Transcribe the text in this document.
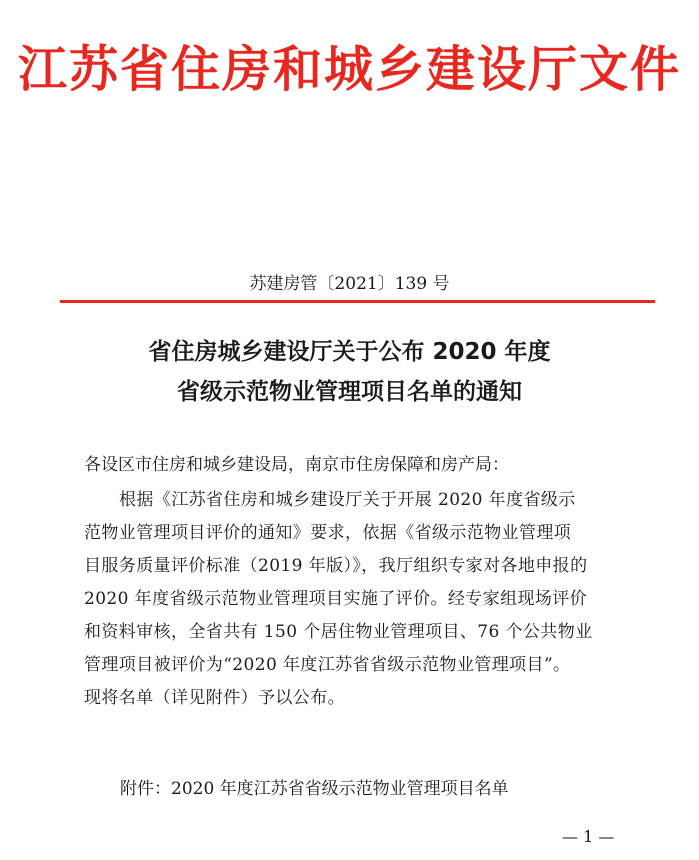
江苏省住房和城乡建设厅文件
苏建房管〔2021〕139 号
省住房城乡建设厅关于公布 2020 年度
省级示范物业管理项目名单的通知
各设区市住房和城乡建设局，南京市住房保障和房产局：
根据《江苏省住房和城乡建设厅关于开展 2020 年度省级示
范物业管理项目评价的通知》要求，依据《省级示范物业管理项
目服务质量评价标准（2019 年版）》，我厅组织专家对各地申报的
2020 年度省级示范物业管理项目实施了评价。经专家组现场评价
和资料审核，全省共有 150 个居住物业管理项目、76 个公共物业
管理项目被评价为“2020 年度江苏省省级示范物业管理项目”。
现将名单（详见附件）予以公布。
附件：2020 年度江苏省省级示范物业管理项目名单
— 1 —
